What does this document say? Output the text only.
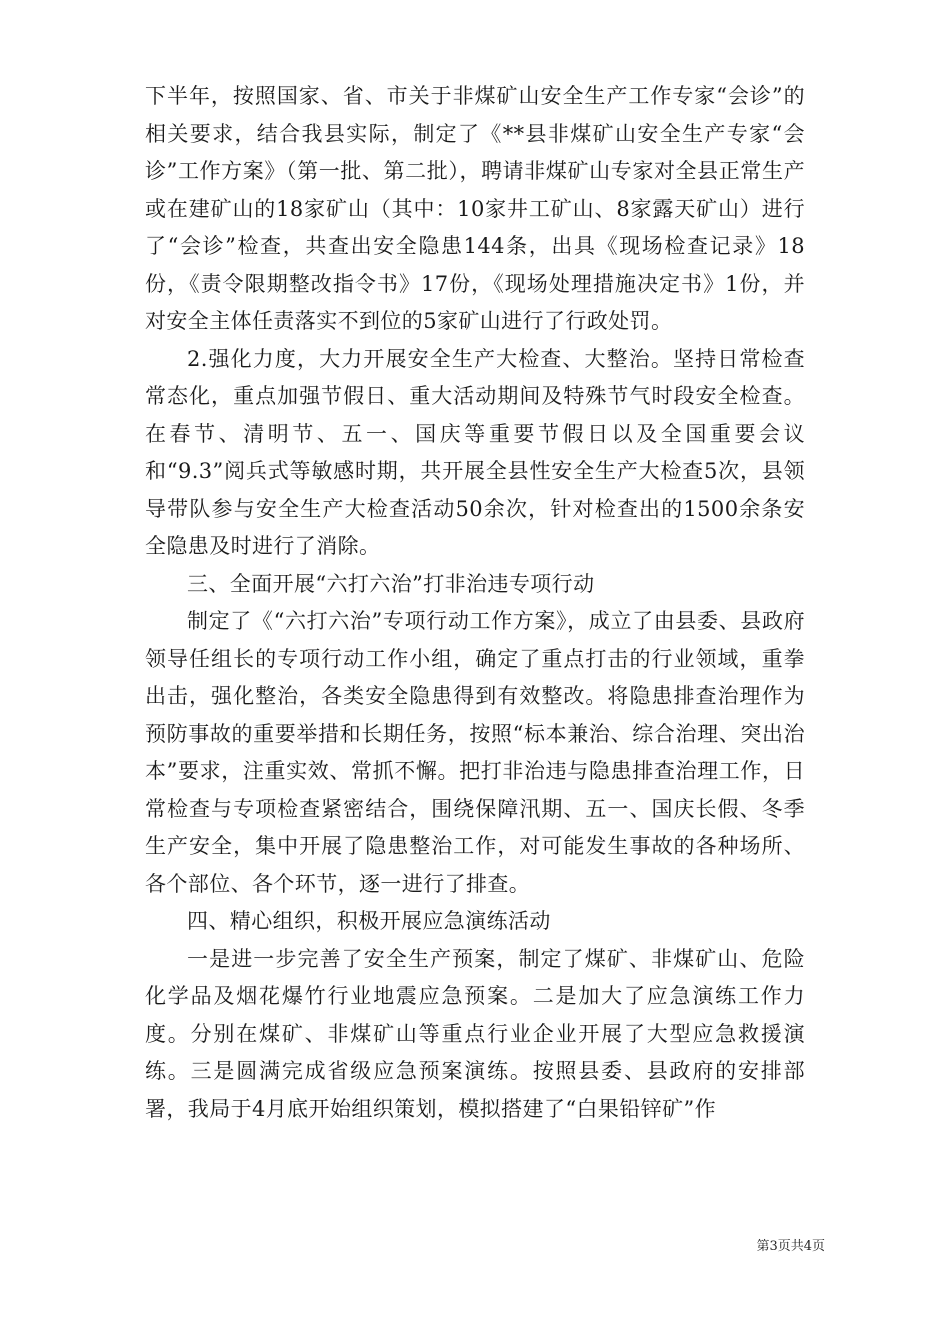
下半年，按照国家、省、市关于非煤矿山安全生产工作专家“会诊”的相关要求，结合我县实际，制定了《**县非煤矿山安全生产专家“会诊”工作方案》（第一批、第二批），聘请非煤矿山专家对全县正常生产或在建矿山的18家矿山（其中：10家井工矿山、8家露天矿山）进行了“会诊”检查，共查出安全隐患144条，出具《现场检查记录》18份，《责令限期整改指令书》17份，《现场处理措施决定书》1份，并对安全主体任责落实不到位的5家矿山进行了行政处罚。

2.强化力度，大力开展安全生产大检查、大整治。坚持日常检查常态化，重点加强节假日、重大活动期间及特殊节气时段安全检查。在春节、清明节、五一、国庆等重要节假日以及全国重要会议和“9.3”阅兵式等敏感时期，共开展全县性安全生产大检查5次，县领导带队参与安全生产大检查活动50余次，针对检查出的1500余条安全隐患及时进行了消除。

三、全面开展“六打六治”打非治违专项行动

制定了《“六打六治”专项行动工作方案》，成立了由县委、县政府领导任组长的专项行动工作小组，确定了重点打击的行业领域，重拳出击，强化整治，各类安全隐患得到有效整改。将隐患排查治理作为预防事故的重要举措和长期任务，按照“标本兼治、综合治理、突出治本”要求，注重实效、常抓不懈。把打非治违与隐患排查治理工作，日常检查与专项检查紧密结合，围绕保障汛期、五一、国庆长假、冬季生产安全，集中开展了隐患整治工作，对可能发生事故的各种场所、各个部位、各个环节，逐一进行了排查。

四、精心组织，积极开展应急演练活动

一是进一步完善了安全生产预案，制定了煤矿、非煤矿山、危险化学品及烟花爆竹行业地震应急预案。二是加大了应急演练工作力度。分别在煤矿、非煤矿山等重点行业企业开展了大型应急救援演练。三是圆满完成省级应急预案演练。按照县委、县政府的安排部署，我局于4月底开始组织策划，模拟搭建了“白果铅锌矿”作

第3页共4页
